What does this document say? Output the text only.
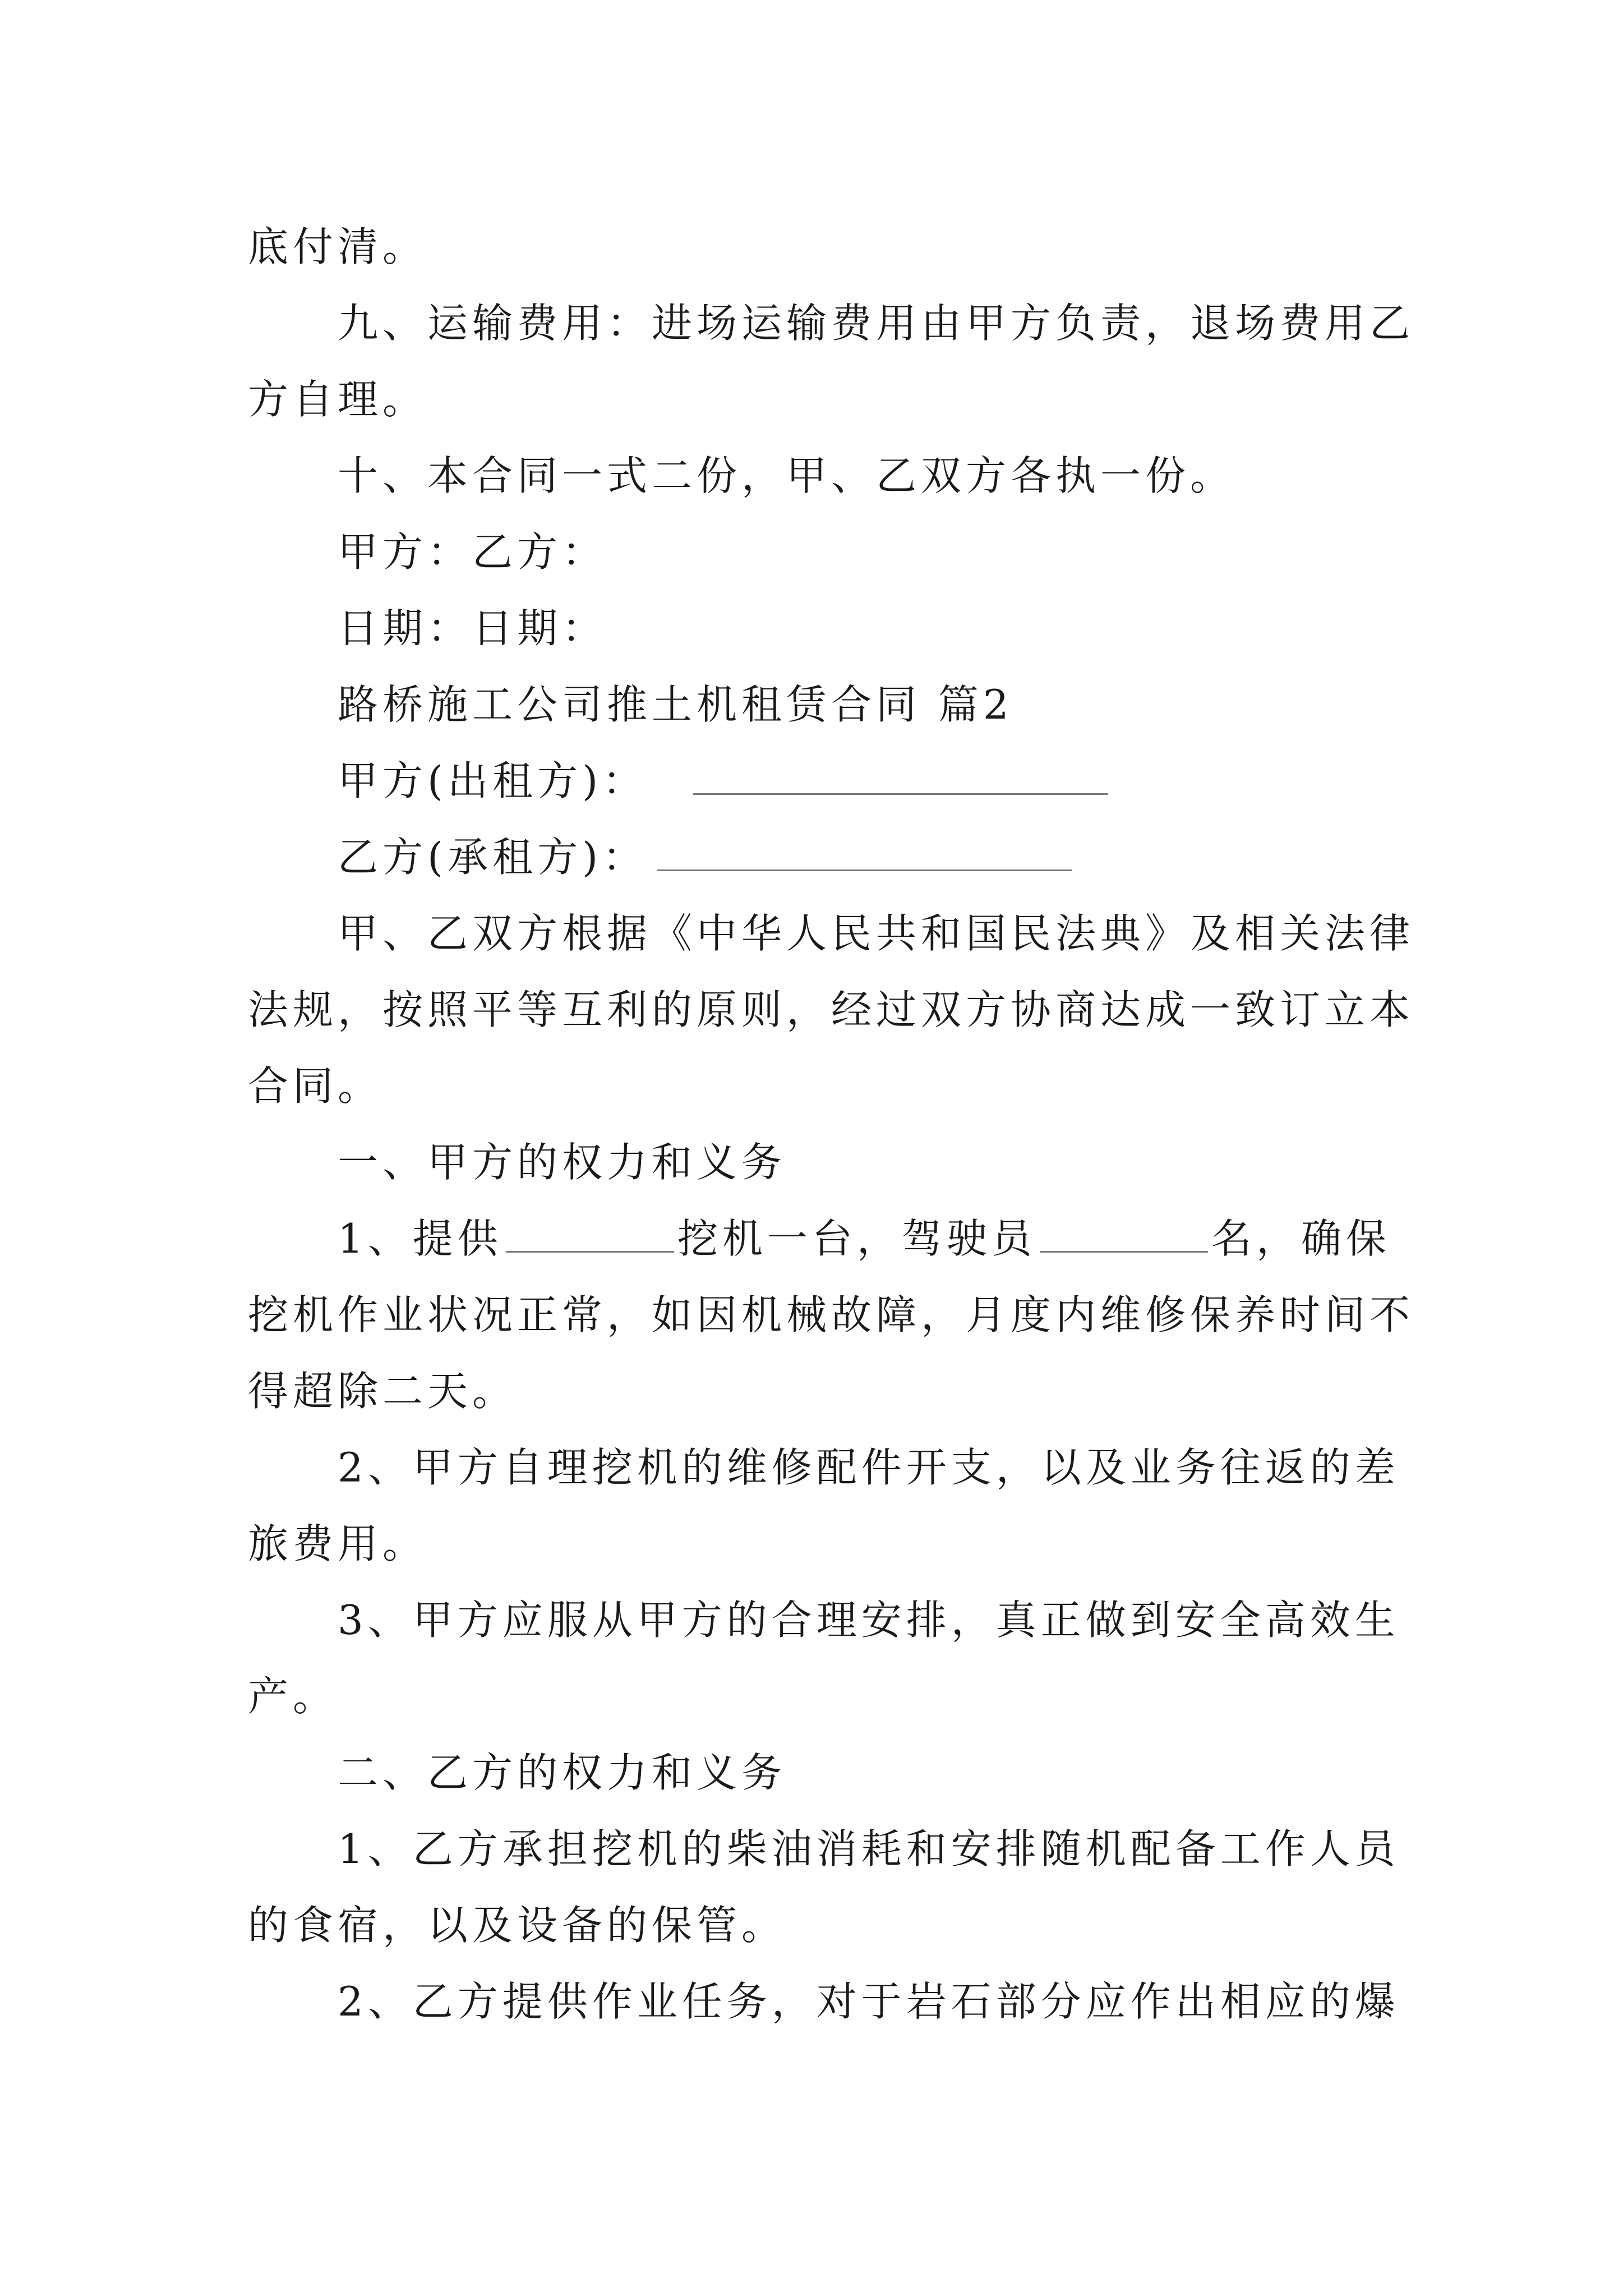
底付清。
九、运输费用：进场运输费用由甲方负责，退场费用乙
方自理。
十、本合同一式二份，甲、乙双方各执一份。
甲方：乙方：
日期：日期：
路桥施工公司推土机租赁合同 篇2
甲方(出租方)：
乙方(承租方)：
甲、乙双方根据《中华人民共和国民法典》及相关法律
法规，按照平等互利的原则，经过双方协商达成一致订立本
合同。
一、甲方的权力和义务
1、提供	挖机一台，驾驶员	名，确保
挖机作业状况正常，如因机械故障，月度内维修保养时间不
得超除二天。
2、甲方自理挖机的维修配件开支，以及业务往返的差
旅费用。
3、甲方应服从甲方的合理安排，真正做到安全高效生
产。
二、乙方的权力和义务
1、乙方承担挖机的柴油消耗和安排随机配备工作人员
的食宿，以及设备的保管。
2、乙方提供作业任务，对于岩石部分应作出相应的爆
